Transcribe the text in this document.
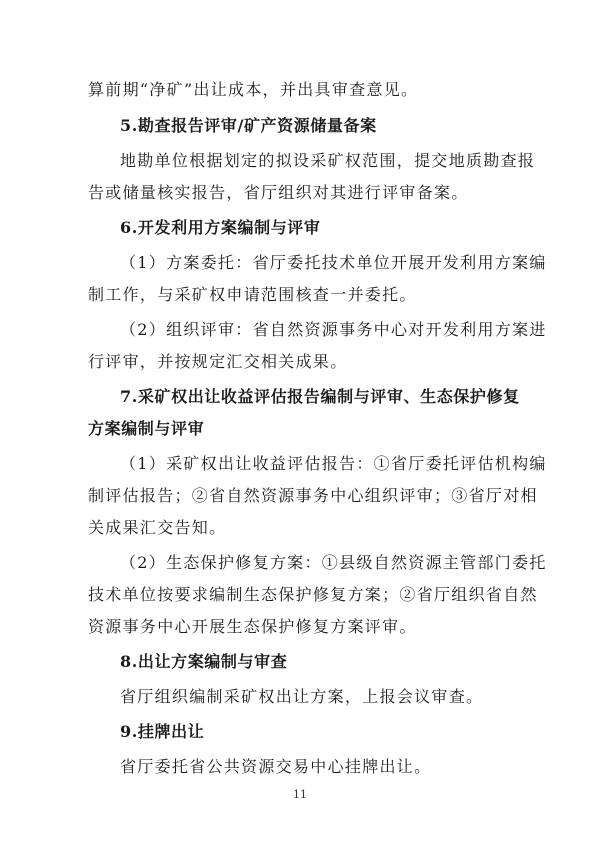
算前期“净矿”出让成本，并出具审查意见。
5.勘查报告评审/矿产资源储量备案
地勘单位根据划定的拟设采矿权范围，提交地质勘查报
告或储量核实报告，省厅组织对其进行评审备案。
6.开发利用方案编制与评审
（1）方案委托：省厅委托技术单位开展开发利用方案编
制工作，与采矿权申请范围核查一并委托。
（2）组织评审：省自然资源事务中心对开发利用方案进
行评审，并按规定汇交相关成果。
7.采矿权出让收益评估报告编制与评审、生态保护修复
方案编制与评审
（1）采矿权出让收益评估报告：①省厅委托评估机构编
制评估报告；②省自然资源事务中心组织评审；③省厅对相
关成果汇交告知。
（2）生态保护修复方案：①县级自然资源主管部门委托
技术单位按要求编制生态保护修复方案；②省厅组织省自然
资源事务中心开展生态保护修复方案评审。
8.出让方案编制与审查
省厅组织编制采矿权出让方案，上报会议审查。
9.挂牌出让
省厅委托省公共资源交易中心挂牌出让。
11
